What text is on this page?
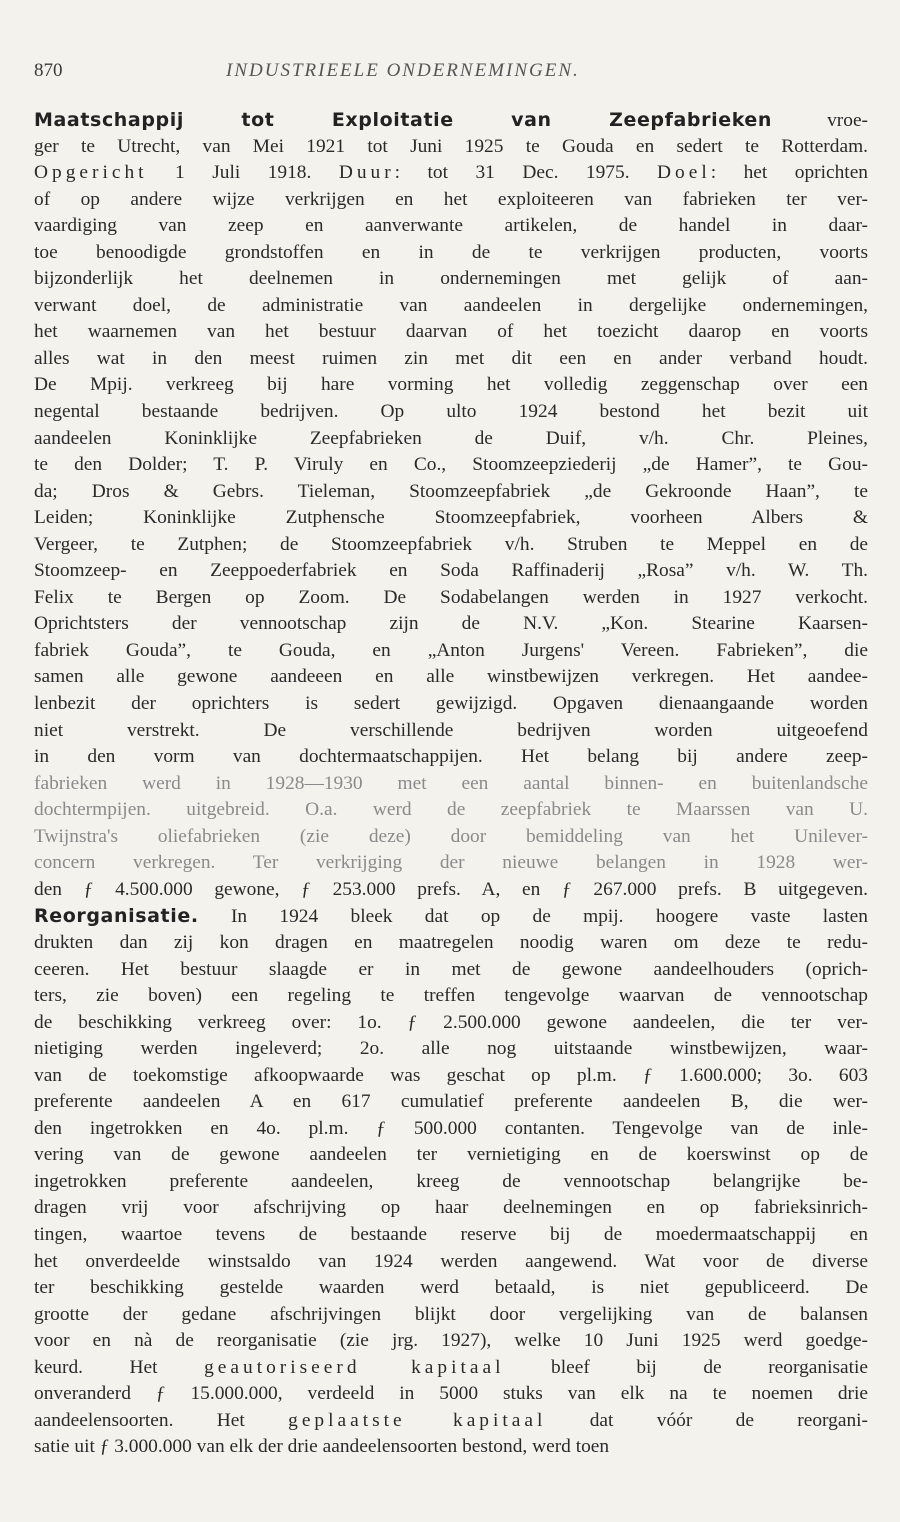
870	INDUSTRIEELE ONDERNEMINGEN.
Maatschappij tot Exploitatie van Zeepfabrieken vroe-
ger te Utrecht, van Mei 1921 tot Juni 1925 te Gouda en sedert te Rotterdam.
Opgericht 1 Juli 1918. Duur: tot 31 Dec. 1975. Doel: het oprichten
of op andere wijze verkrijgen en het exploiteeren van fabrieken ter ver-
vaardiging van zeep en aanverwante artikelen, de handel in daar-
toe benoodigde grondstoffen en in de te verkrijgen producten, voorts
bijzonderlijk het deelnemen in ondernemingen met gelijk of aan-
verwant doel, de administratie van aandeelen in dergelijke ondernemingen,
het waarnemen van het bestuur daarvan of het toezicht daarop en voorts
alles wat in den meest ruimen zin met dit een en ander verband houdt.
De Mpij. verkreeg bij hare vorming het volledig zeggenschap over een
negental bestaande bedrijven. Op ulto 1924 bestond het bezit uit
aandeelen Koninklijke Zeepfabrieken de Duif, v/h. Chr. Pleines,
te den Dolder; T. P. Viruly en Co., Stoomzeepziederij „de Hamer”, te Gou-
da; Dros & Gebrs. Tieleman, Stoomzeepfabriek „de Gekroonde Haan”, te
Leiden; Koninklijke Zutphensche Stoomzeepfabriek, voorheen Albers &
Vergeer, te Zutphen; de Stoomzeepfabriek v/h. Struben te Meppel en de
Stoomzeep- en Zeeppoederfabriek en Soda Raffinaderij „Rosa” v/h. W. Th.
Felix te Bergen op Zoom. De Sodabelangen werden in 1927 verkocht.
Oprichtsters der vennootschap zijn de N.V. „Kon. Stearine Kaarsen-
fabriek Gouda”, te Gouda, en „Anton Jurgens' Vereen. Fabrieken”, die
samen alle gewone aandeeen en alle winstbewijzen verkregen. Het aandee-
lenbezit der oprichters is sedert gewijzigd. Opgaven dienaangaande worden
niet verstrekt. De verschillende bedrijven worden uitgeoefend
in den vorm van dochtermaatschappijen. Het belang bij andere zeep-
fabrieken werd in 1928—1930 met een aantal binnen- en buitenlandsche
dochtermpijen. uitgebreid. O.a. werd de zeepfabriek te Maarssen van U.
Twijnstra's oliefabrieken (zie deze) door bemiddeling van het Unilever-
concern verkregen. Ter verkrijging der nieuwe belangen in 1928 wer-
den ƒ 4.500.000 gewone, ƒ 253.000 prefs. A, en ƒ 267.000 prefs. B uitgegeven.
Reorganisatie. In 1924 bleek dat op de mpij. hoogere vaste lasten
drukten dan zij kon dragen en maatregelen noodig waren om deze te redu-
ceeren. Het bestuur slaagde er in met de gewone aandeelhouders (oprich-
ters, zie boven) een regeling te treffen tengevolge waarvan de vennootschap
de beschikking verkreeg over: 1o. ƒ 2.500.000 gewone aandeelen, die ter ver-
nietiging werden ingeleverd; 2o. alle nog uitstaande winstbewijzen, waar-
van de toekomstige afkoopwaarde was geschat op pl.m. ƒ 1.600.000; 3o. 603
preferente aandeelen A en 617 cumulatief preferente aandeelen B, die wer-
den ingetrokken en 4o. pl.m. ƒ 500.000 contanten. Tengevolge van de inle-
vering van de gewone aandeelen ter vernietiging en de koerswinst op de
ingetrokken preferente aandeelen, kreeg de vennootschap belangrijke be-
dragen vrij voor afschrijving op haar deelnemingen en op fabrieksinrich-
tingen, waartoe tevens de bestaande reserve bij de moedermaatschappij en
het onverdeelde winstsaldo van 1924 werden aangewend. Wat voor de diverse
ter beschikking gestelde waarden werd betaald, is niet gepubliceerd. De
grootte der gedane afschrijvingen blijkt door vergelijking van de balansen
voor en nà de reorganisatie (zie jrg. 1927), welke 10 Juni 1925 werd goedge-
keurd. Het geautoriseerd kapitaal bleef bij de reorganisatie
onveranderd ƒ 15.000.000, verdeeld in 5000 stuks van elk na te noemen drie
aandeelensoorten. Het geplaatste kapitaal dat vóór de reorgani-
satie uit ƒ 3.000.000 van elk der drie aandeelensoorten bestond, werd toen
